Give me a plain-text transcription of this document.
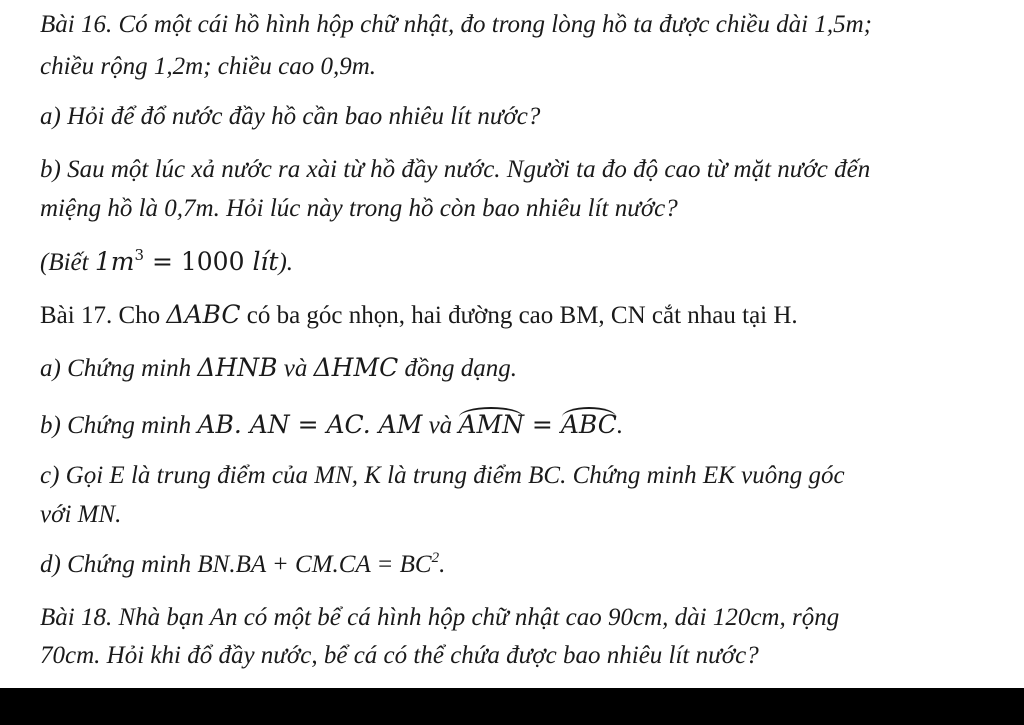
Bài 16. Có một cái hồ hình hộp chữ nhật, đo trong lòng hồ ta được chiều dài 1,5m;
chiều rộng 1,2m; chiều cao 0,9m.
a) Hỏi để đổ nước đầy hồ cần bao nhiêu lít nước?
b) Sau một lúc xả nước ra xài từ hồ đầy nước. Người ta đo độ cao từ mặt nước đến
miệng hồ là 0,7m. Hỏi lúc này trong hồ còn bao nhiêu lít nước?
(Biết $1m^3 = 1000$ lít).
Bài 17. Cho ΔABC có ba góc nhọn, hai đường cao BM, CN cắt nhau tại H.
a) Chứng minh ΔHNB và ΔHMC đồng dạng.
b) Chứng minh AB. AN = AC. AM và AMN = ABC.
c) Gọi E là trung điểm của MN, K là trung điểm BC. Chứng minh EK vuông góc
với MN.
d) Chứng minh $BN.BA + CM.CA = BC^2$.
Bài 18. Nhà bạn An có một bể cá hình hộp chữ nhật cao 90cm, dài 120cm, rộng
70cm. Hỏi khi đổ đầy nước, bể cá có thể chứa được bao nhiêu lít nước?
